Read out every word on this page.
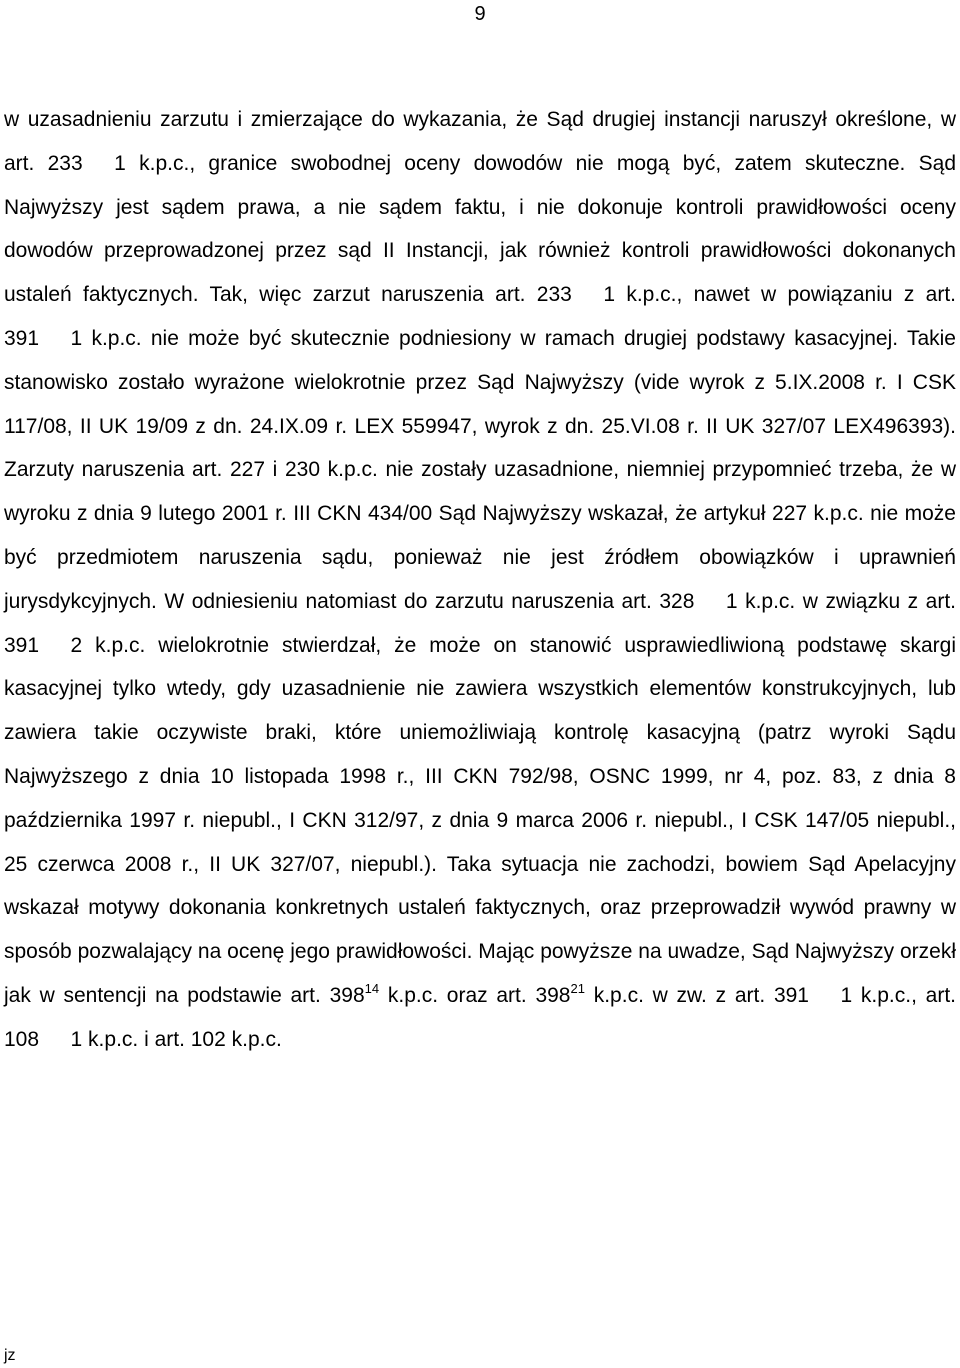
9

w uzasadnieniu zarzutu i zmierzające do wykazania, że Sąd drugiej instancji naruszył określone, w art. 233    1 k.p.c., granice swobodnej oceny dowodów nie mogą być, zatem skuteczne. Sąd Najwyższy jest sądem prawa, a nie sądem faktu, i nie dokonuje kontroli prawidłowości oceny dowodów przeprowadzonej przez sąd II Instancji, jak również kontroli prawidłowości dokonanych ustaleń faktycznych. Tak, więc zarzut naruszenia art. 233    1 k.p.c., nawet w powiązaniu z art. 391    1 k.p.c. nie może być skutecznie podniesiony w ramach drugiej podstawy kasacyjnej. Takie stanowisko zostało wyrażone wielokrotnie przez Sąd Najwyższy (vide wyrok z 5.IX.2008 r. I CSK 117/08, II UK 19/09 z dn. 24.IX.09 r. LEX 559947, wyrok z dn. 25.VI.08 r. II UK 327/07 LEX496393). Zarzuty naruszenia art. 227 i 230 k.p.c. nie zostały uzasadnione, niemniej przypomnieć trzeba, że w wyroku z dnia 9 lutego 2001 r. III CKN 434/00 Sąd Najwyższy wskazał, że artykuł 227 k.p.c. nie może być przedmiotem naruszenia sądu, ponieważ nie jest źródłem obowiązków i uprawnień jurysdykcyjnych. W odniesieniu natomiast do zarzutu naruszenia art. 328    1 k.p.c. w związku z art. 391    2 k.p.c. wielokrotnie stwierdzał, że może on stanowić usprawiedliwioną podstawę skargi kasacyjnej tylko wtedy, gdy uzasadnienie nie zawiera wszystkich elementów konstrukcyjnych, lub zawiera takie oczywiste braki, które uniemożliwiają kontrolę kasacyjną (patrz wyroki Sądu Najwyższego z dnia 10 listopada 1998 r., III CKN 792/98, OSNC 1999, nr 4, poz. 83, z dnia 8 października 1997 r. niepubl., I CKN 312/97, z dnia 9 marca 2006 r. niepubl., I CSK 147/05 niepubl., 25 czerwca 2008 r., II UK 327/07, niepubl.). Taka sytuacja nie zachodzi, bowiem Sąd Apelacyjny wskazał motywy dokonania konkretnych ustaleń faktycznych, oraz przeprowadził wywód prawny w sposób pozwalający na ocenę jego prawidłowości. Mając powyższe na uwadze, Sąd Najwyższy orzekł jak w sentencji na podstawie art. $398^{14}$ k.p.c. oraz art. $398^{21}$ k.p.c. w zw. z art. 391    1 k.p.c., art. 108    1 k.p.c. i art. 102 k.p.c.

jz
